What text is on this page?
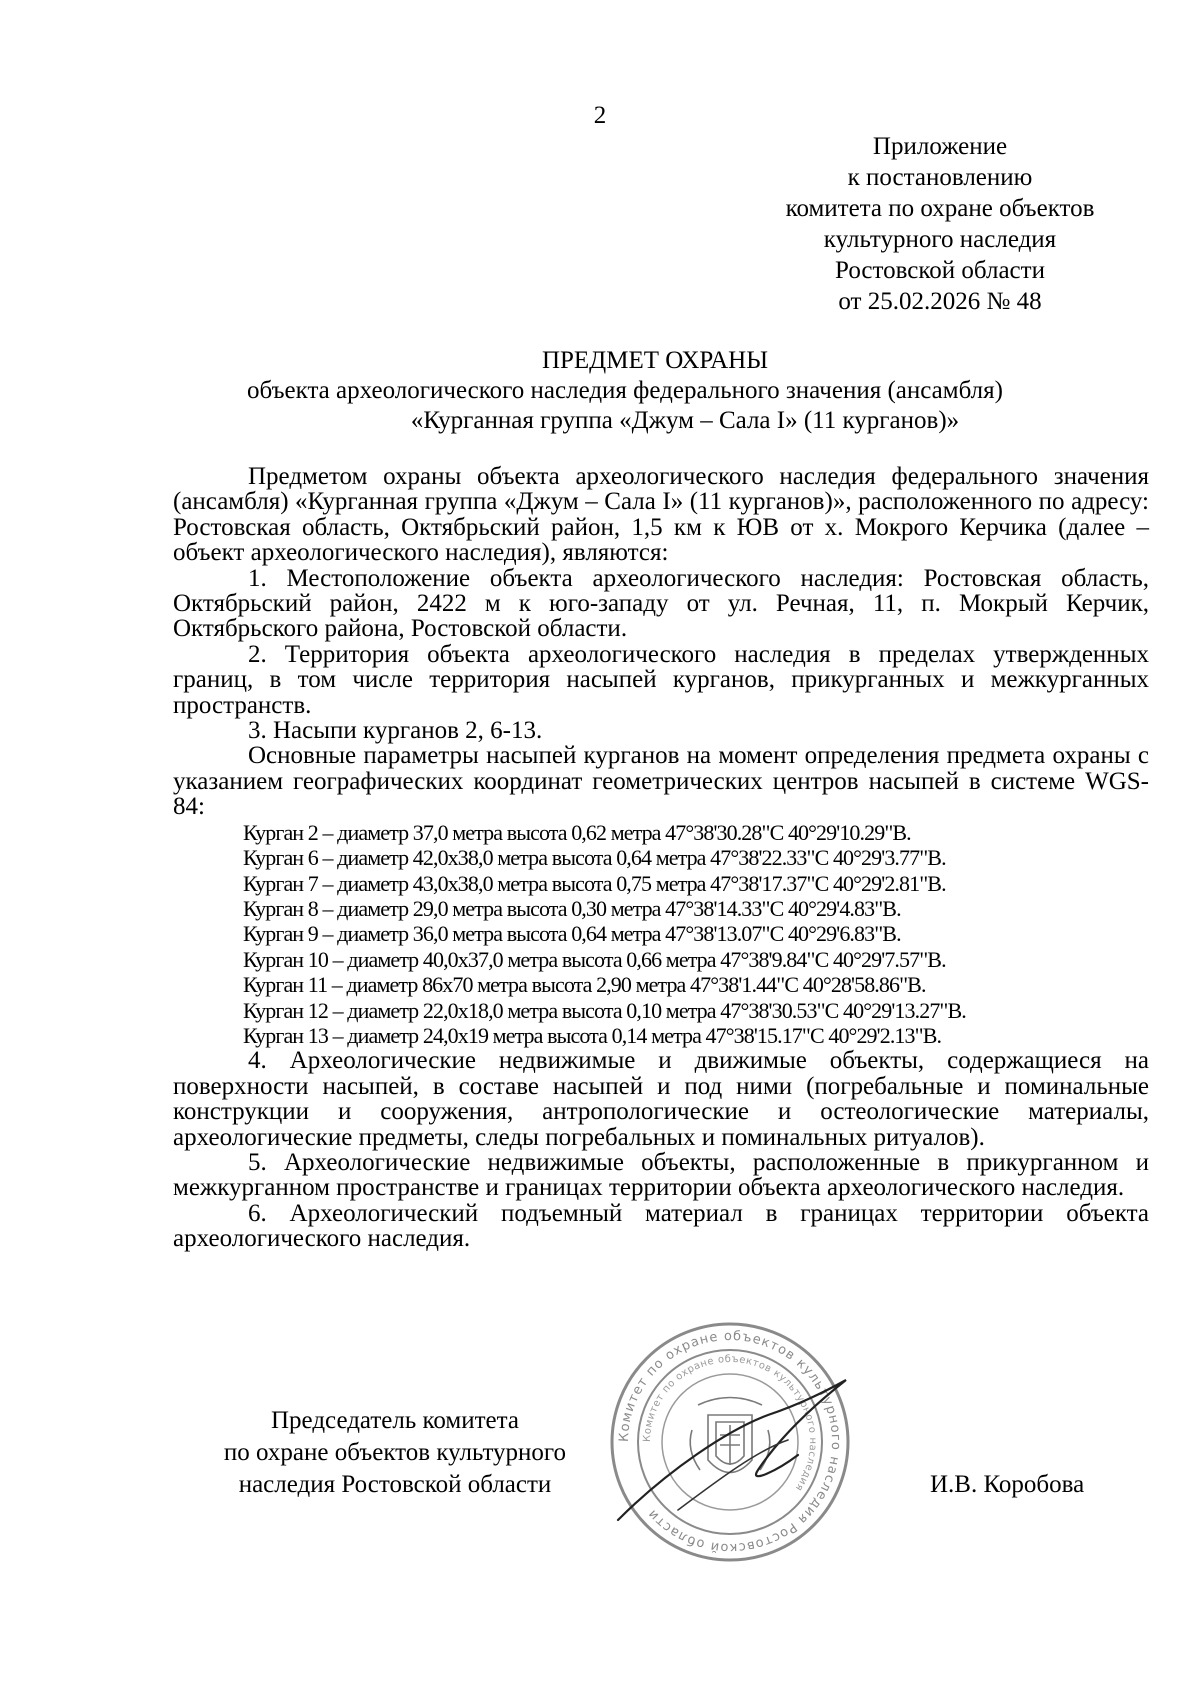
2
Приложение
к постановлению
комитета по охране объектов
культурного наследия
Ростовской области
от 25.02.2026 № 48
ПРЕДМЕТ ОХРАНЫ
объекта археологического наследия федерального значения (ансамбля)
«Курганная группа «Джум – Сала I» (11 курганов)»

Предметом охраны объекта археологического наследия федерального значения (ансамбля) «Курганная группа «Джум – Сала I» (11 курганов)», расположенного по адресу: Ростовская область, Октябрьский район, 1,5 км к ЮВ от х. Мокрого Керчика (далее – объект археологического наследия), являются:

1. Местоположение объекта археологического наследия: Ростовская область, Октябрьский район, 2422 м к юго-западу от ул. Речная, 11, п. Мокрый Керчик, Октябрьского района, Ростовской области.

2. Территория объекта археологического наследия в пределах утвержденных границ, в том числе территория насыпей курганов, прикурганных и межкурганных пространств.

3. Насыпи курганов 2, 6-13.

Основные параметры насыпей курганов на момент определения предмета охраны с указанием географических координат геометрических центров насыпей в системе WGS-84:

Курган 2 – диаметр 37,0 метра высота 0,62 метра 47°38'30.28"С 40°29'10.29"В.
Курган 6 – диаметр 42,0х38,0 метра высота 0,64 метра 47°38'22.33"С 40°29'3.77"В.
Курган 7 – диаметр 43,0х38,0 метра высота 0,75 метра 47°38'17.37"С 40°29'2.81"В.
Курган 8 – диаметр 29,0 метра высота 0,30 метра 47°38'14.33"С 40°29'4.83"В.
Курган 9 – диаметр 36,0 метра высота 0,64 метра 47°38'13.07"С 40°29'6.83"В.
Курган 10 – диаметр 40,0х37,0 метра высота 0,66 метра 47°38'9.84"С 40°29'7.57"В.
Курган 11 – диаметр 86х70 метра высота 2,90 метра 47°38'1.44"С 40°28'58.86"В.
Курган 12 – диаметр 22,0х18,0 метра высота 0,10 метра 47°38'30.53"С 40°29'13.27"В.
Курган 13 – диаметр 24,0х19 метра высота 0,14 метра 47°38'15.17"С 40°29'2.13"В.

4. Археологические недвижимые и движимые объекты, содержащиеся на поверхности насыпей, в составе насыпей и под ними (погребальные и поминальные конструкции и сооружения, антропологические и остеологические материалы, археологические предметы, следы погребальных и поминальных ритуалов).

5. Археологические недвижимые объекты, расположенные в прикурганном и межкурганном пространстве и границах территории объекта археологического наследия.

6. Археологический подъемный материал в границах территории объекта археологического наследия.

Председатель комитета
по охране объектов культурного
наследия Ростовской области
Комитет по охране объектов культурного наследия Ростовской области
Комитет по охране объектов культурного наследия	И.В. Коробова
